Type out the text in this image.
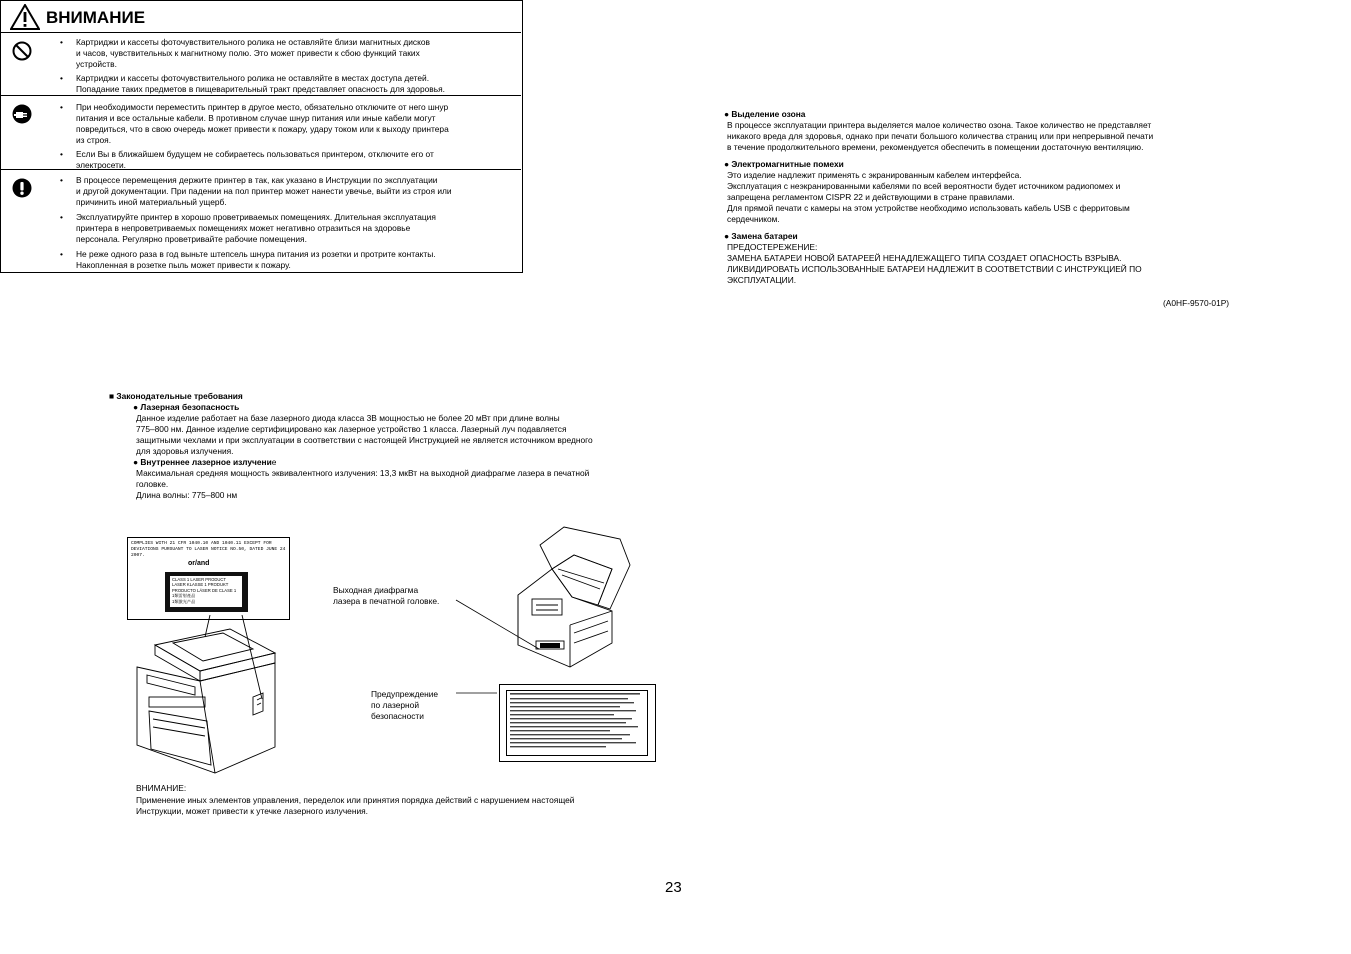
ВНИМАНИЕ
• Картриджи и кассеты фоточувствительного ролика не оставляйте близи магнитных дисков
и часов, чувствительных к магнитному полю. Это может привести к сбою функций таких
устройств.
• Картриджи и кассеты фоточувствительного ролика не оставляйте в местах доступа детей.
Попадание таких предметов в пищеварительный тракт представляет опасность для здоровья.
• При необходимости переместить принтер в другое место, обязательно отключите от него шнур
питания и все остальные кабели. В противном случае шнур питания или иные кабели могут
повредиться, что в свою очередь может привести к пожару, удару током или к выходу принтера
из строя.
• Если Вы в ближайшем будущем не собираетесь пользоваться принтером, отключите его от
электросети.
• В процессе перемещения держите принтер в так, как указано в Инструкции по эксплуатации
и другой документации. При падении на пол принтер может нанести увечье, выйти из строя или
причинить иной материальный ущерб.
• Эксплуатируйте принтер в хорошо проветриваемых помещениях. Длительная эксплуатация
принтера в непроветриваемых помещениях может негативно отразиться на здоровье
персонала. Регулярно проветривайте рабочие помещения.
• Не реже одного раза в год выньте штепсель шнура питания из розетки и протрите контакты.
Накопленная в розетке пыль может привести к пожару.
■ Законодательные требования
● Лазерная безопасность
Данное изделие работает на базе лазерного диода класса 3B мощностью не более 20 мВт при длине волны
775–800 нм. Данное изделие сертифицировано как лазерное устройство 1 класса. Лазерный луч подавляется
защитными чехлами и при эксплуатации в соответствии с настоящей Инструкцией не является источником вредного
для здоровья излучения.
● Внутреннее лазерное излучение
Максимальная средняя мощность эквивалентного излучения: 13,3 мкВт на выходной диафрагме лазера в печатной
головке.
Длина волны: 775–800 нм
COMPLIES WITH 21 CFR 1040.10 AND 1040.11 EXCEPT FOR
DEVIATIONS PURSUANT TO LASER NOTICE NO.50, DATED JUNE 24 2007.
or/and
CLASS 1 LASER PRODUCT
LASER KLASSE 1 PRODUKT
PRODUCTO LÁSER DE CLASE 1
1類雷射產品
1類激光产品
Выходная диафрагма
лазера в печатной головке.
Предупреждение
по лазерной
безопасности
ВНИМАНИЕ:
Применение иных элементов управления, переделок или принятия порядка действий с нарушением настоящей
Инструкции, может привести к утечке лазерного излучения.
● Выделение озона
В процессе эксплуатации принтера выделяется малое количество озона. Такое количество не представляет
никакого вреда для здоровья, однако при печати большого количества страниц или при непрерывной печати
в течение продолжительного времени, рекомендуется обеспечить в помещении достаточную вентиляцию.
● Электромагнитные помехи
Это изделие надлежит применять с экранированным кабелем интерфейса.
Эксплуатация с неэкранированными кабелями по всей вероятности будет источником радиопомех и
запрещена регламентом CISPR 22 и действующими в стране правилами.
Для прямой печати с камеры на этом устройстве необходимо использовать кабель USB с ферритовым
сердечником.
● Замена батареи
ПРЕДОСТЕРЕЖЕНИЕ:
ЗАМЕНА БАТАРЕИ НОВОЙ БАТАРЕЕЙ НЕНАДЛЕЖАЩЕГО ТИПА СОЗДАЕТ ОПАСНОСТЬ ВЗРЫВА.
ЛИКВИДИРОВАТЬ ИСПОЛЬЗОВАННЫЕ БАТАРЕИ НАДЛЕЖИТ В СООТВЕТСТВИИ С ИНСТРУКЦИЕЙ ПО
ЭКСПЛУАТАЦИИ.
(A0HF-9570-01P)
23
